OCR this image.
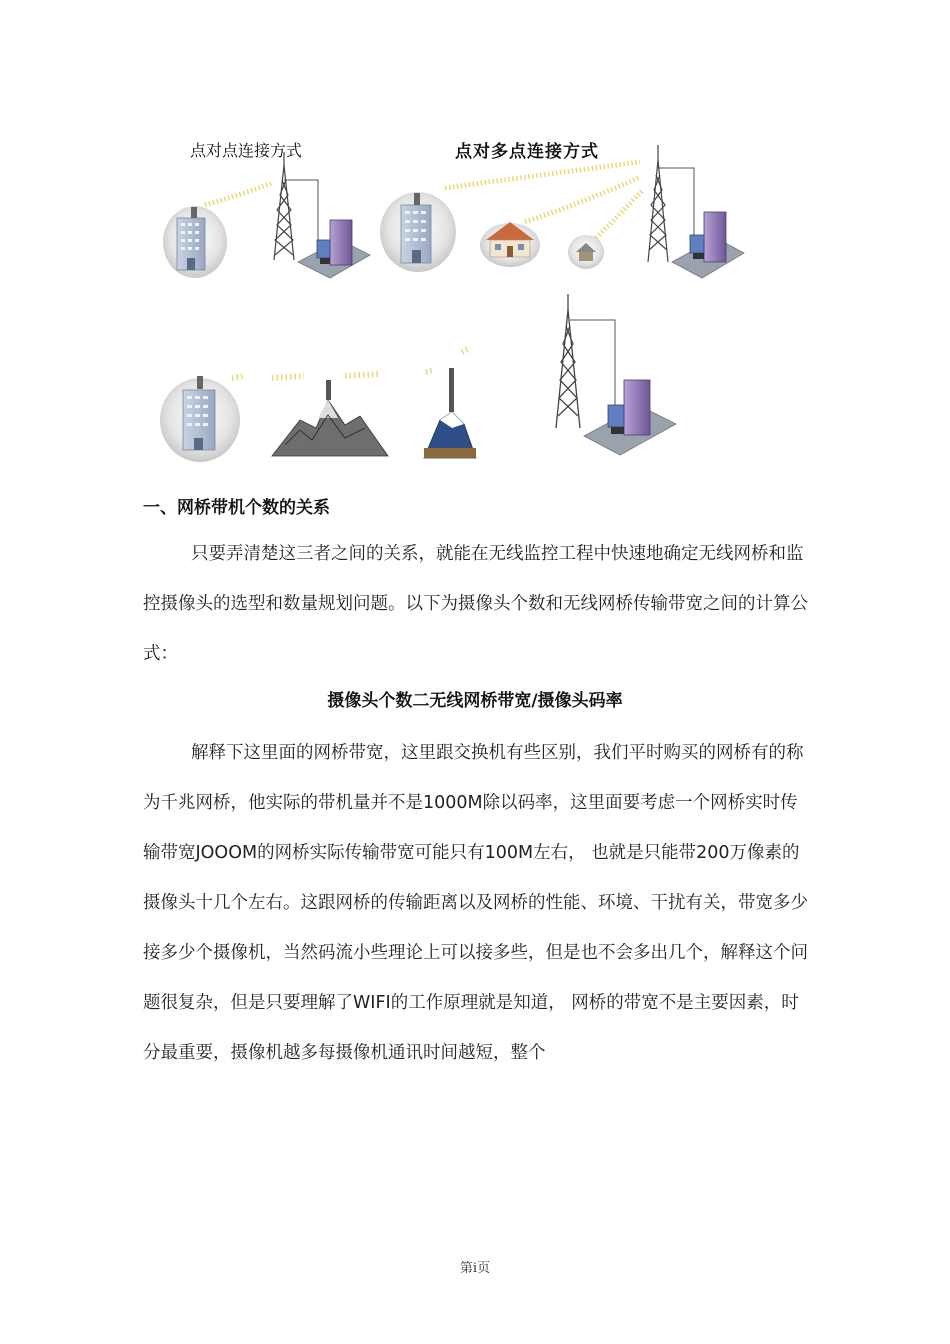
点对点连接方式	点对多点连接方式
一、网桥带机个数的关系
只要弄清楚这三者之间的关系，就能在无线监控工程中快速地确定无线网桥和监控摄像头的选型和数量规划问题。以下为摄像头个数和无线网桥传输带宽之间的计算公式：
摄像头个数二无线网桥带宽/摄像头码率
解释下这里面的网桥带宽，这里跟交换机有些区别，我们平时购买的网桥有的称为千兆网桥，他实际的带机量并不是1000M除以码率，这里面要考虑一个网桥实时传输带宽JOOOM的网桥实际传输带宽可能只有100M左右， 也就是只能带200万像素的摄像头十几个左右。这跟网桥的传输距离以及网桥的性能、环境、干扰有关，带宽多少接多少个摄像机，当然码流小些理论上可以接多些，但是也不会多出几个，解释这个问题很复杂，但是只要理解了WIFI的工作原理就是知道， 网桥的带宽不是主要因素，时分最重要，摄像机越多每摄像机通讯时间越短，整个
第i页
